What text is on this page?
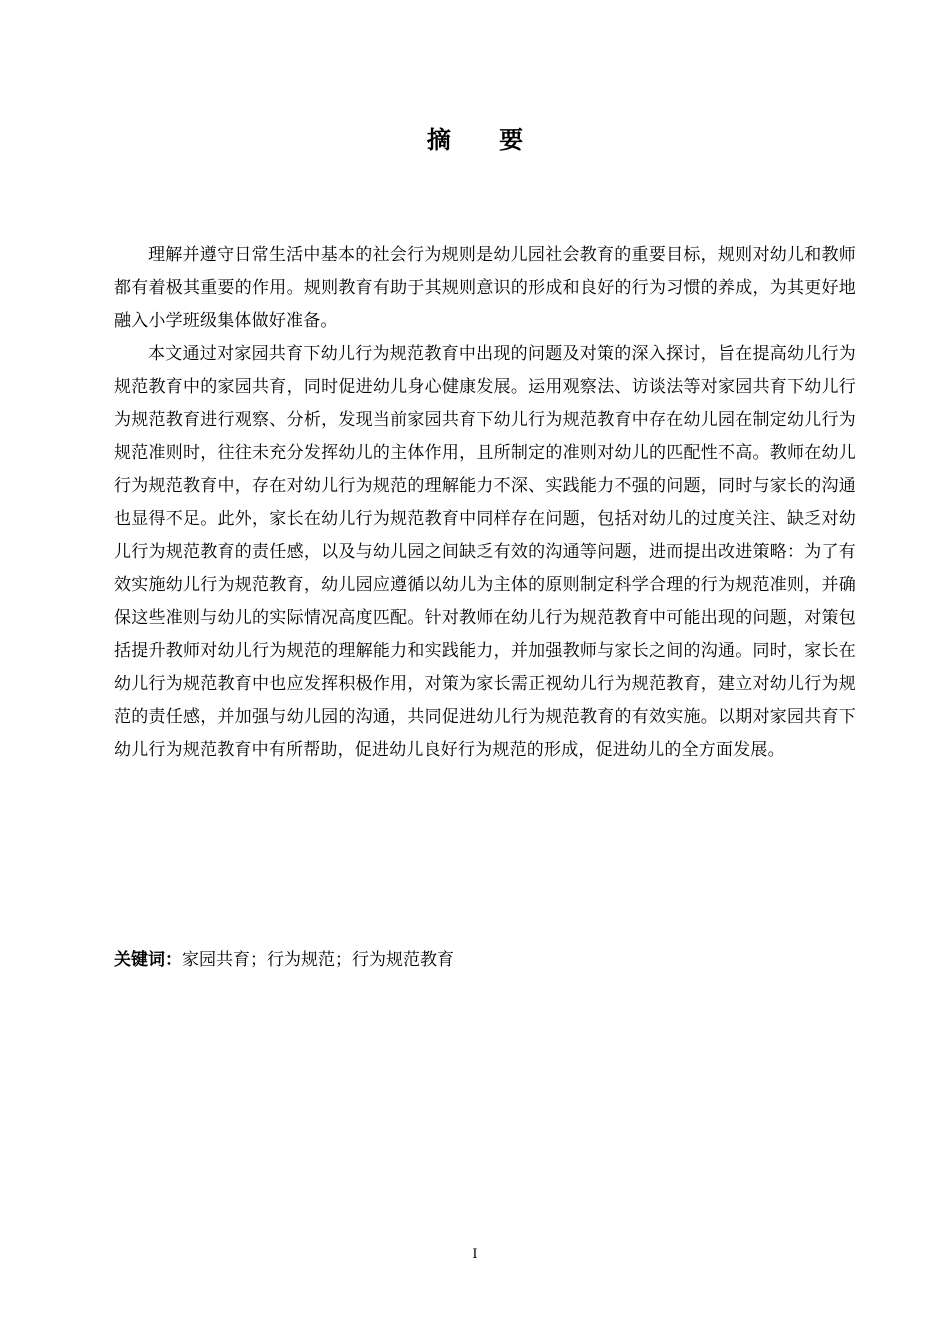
摘 要

理解并遵守日常生活中基本的社会行为规则是幼儿园社会教育的重要目标，规则对幼儿和教师都有着极其重要的作用。规则教育有助于其规则意识的形成和良好的行为习惯的养成，为其更好地融入小学班级集体做好准备。

本文通过对家园共育下幼儿行为规范教育中出现的问题及对策的深入探讨，旨在提高幼儿行为规范教育中的家园共育，同时促进幼儿身心健康发展。运用观察法、访谈法等对家园共育下幼儿行为规范教育进行观察、分析，发现当前家园共育下幼儿行为规范教育中存在幼儿园在制定幼儿行为规范准则时，往往未充分发挥幼儿的主体作用，且所制定的准则对幼儿的匹配性不高。教师在幼儿行为规范教育中，存在对幼儿行为规范的理解能力不深、实践能力不强的问题，同时与家长的沟通也显得不足。此外，家长在幼儿行为规范教育中同样存在问题，包括对幼儿的过度关注、缺乏对幼儿行为规范教育的责任感，以及与幼儿园之间缺乏有效的沟通等问题，进而提出改进策略：为了有效实施幼儿行为规范教育，幼儿园应遵循以幼儿为主体的原则制定科学合理的行为规范准则，并确保这些准则与幼儿的实际情况高度匹配。针对教师在幼儿行为规范教育中可能出现的问题，对策包括提升教师对幼儿行为规范的理解能力和实践能力，并加强教师与家长之间的沟通。同时，家长在幼儿行为规范教育中也应发挥积极作用，对策为家长需正视幼儿行为规范教育，建立对幼儿行为规范的责任感，并加强与幼儿园的沟通，共同促进幼儿行为规范教育的有效实施。以期对家园共育下幼儿行为规范教育中有所帮助，促进幼儿良好行为规范的形成，促进幼儿的全方面发展。

关键词：家园共育；行为规范；行为规范教育
I
